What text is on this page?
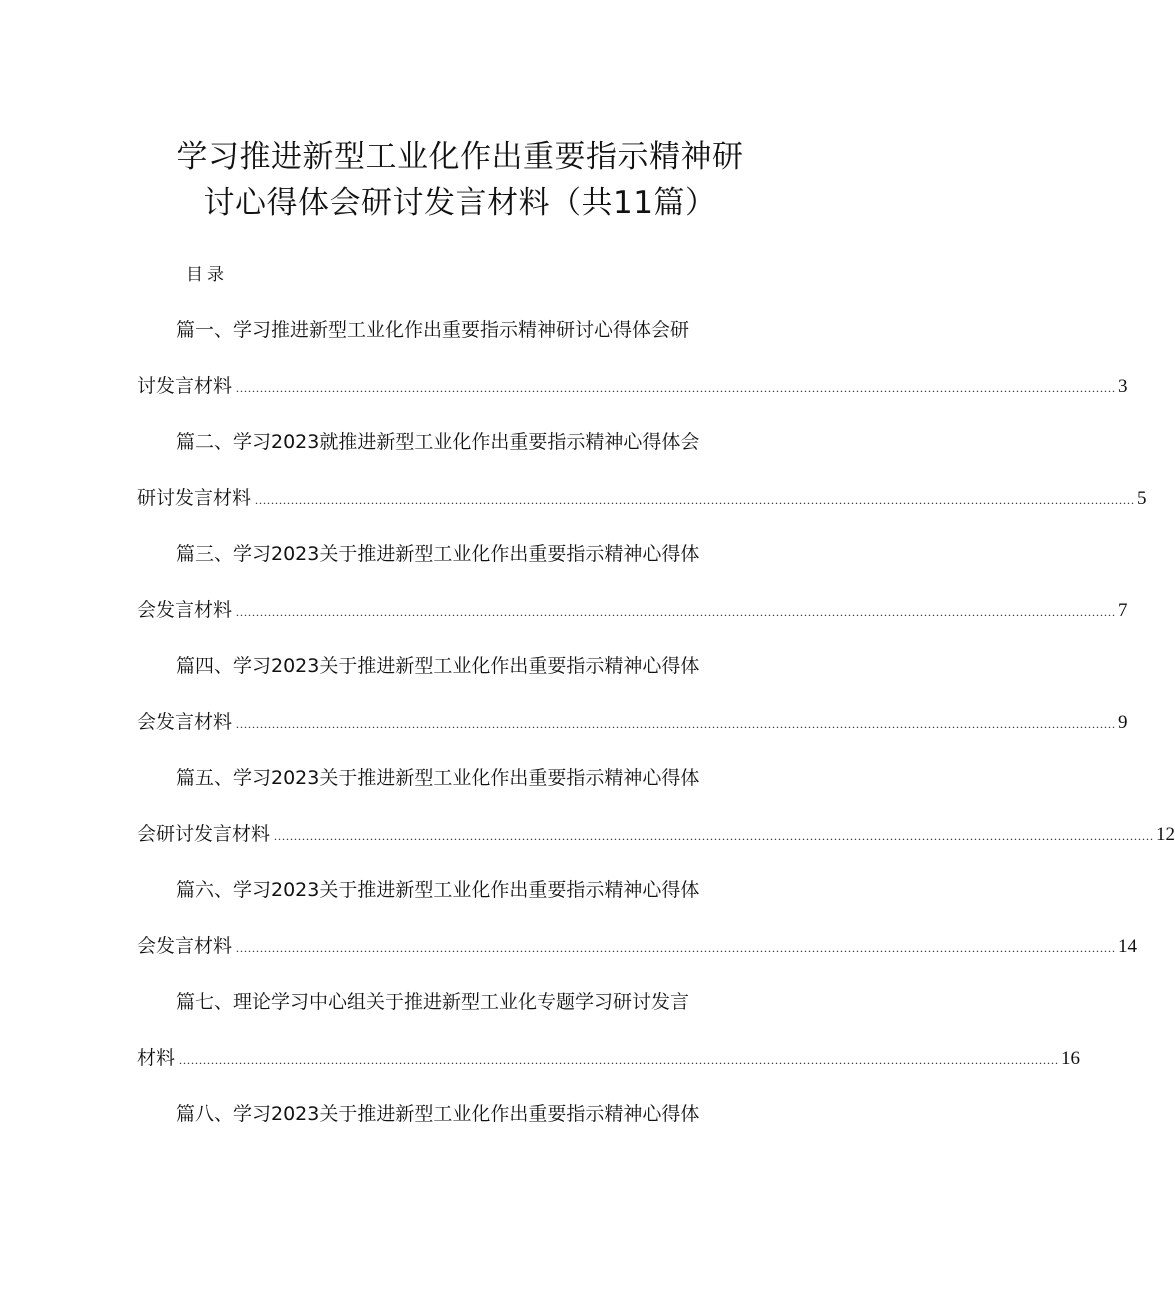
学习推进新型工业化作出重要指示精神研
讨心得体会研讨发言材料（共11篇）
目录
篇一、学习推进新型工业化作出重要指示精神研讨心得体会研
讨发言材料 ............................................................................................................................................................................................................................ 3
篇二、学习2023就推进新型工业化作出重要指示精神心得体会
研讨发言材料 ............................................................................................................................................................................................................................ 5
篇三、学习2023关于推进新型工业化作出重要指示精神心得体
会发言材料 ............................................................................................................................................................................................................................ 7
篇四、学习2023关于推进新型工业化作出重要指示精神心得体
会发言材料 ............................................................................................................................................................................................................................ 9
篇五、学习2023关于推进新型工业化作出重要指示精神心得体
会研讨发言材料 ............................................................................................................................................................................................................................ 12
篇六、学习2023关于推进新型工业化作出重要指示精神心得体
会发言材料 ............................................................................................................................................................................................................................ 14
篇七、理论学习中心组关于推进新型工业化专题学习研讨发言
材料 ............................................................................................................................................................................................................................ 16
篇八、学习2023关于推进新型工业化作出重要指示精神心得体
